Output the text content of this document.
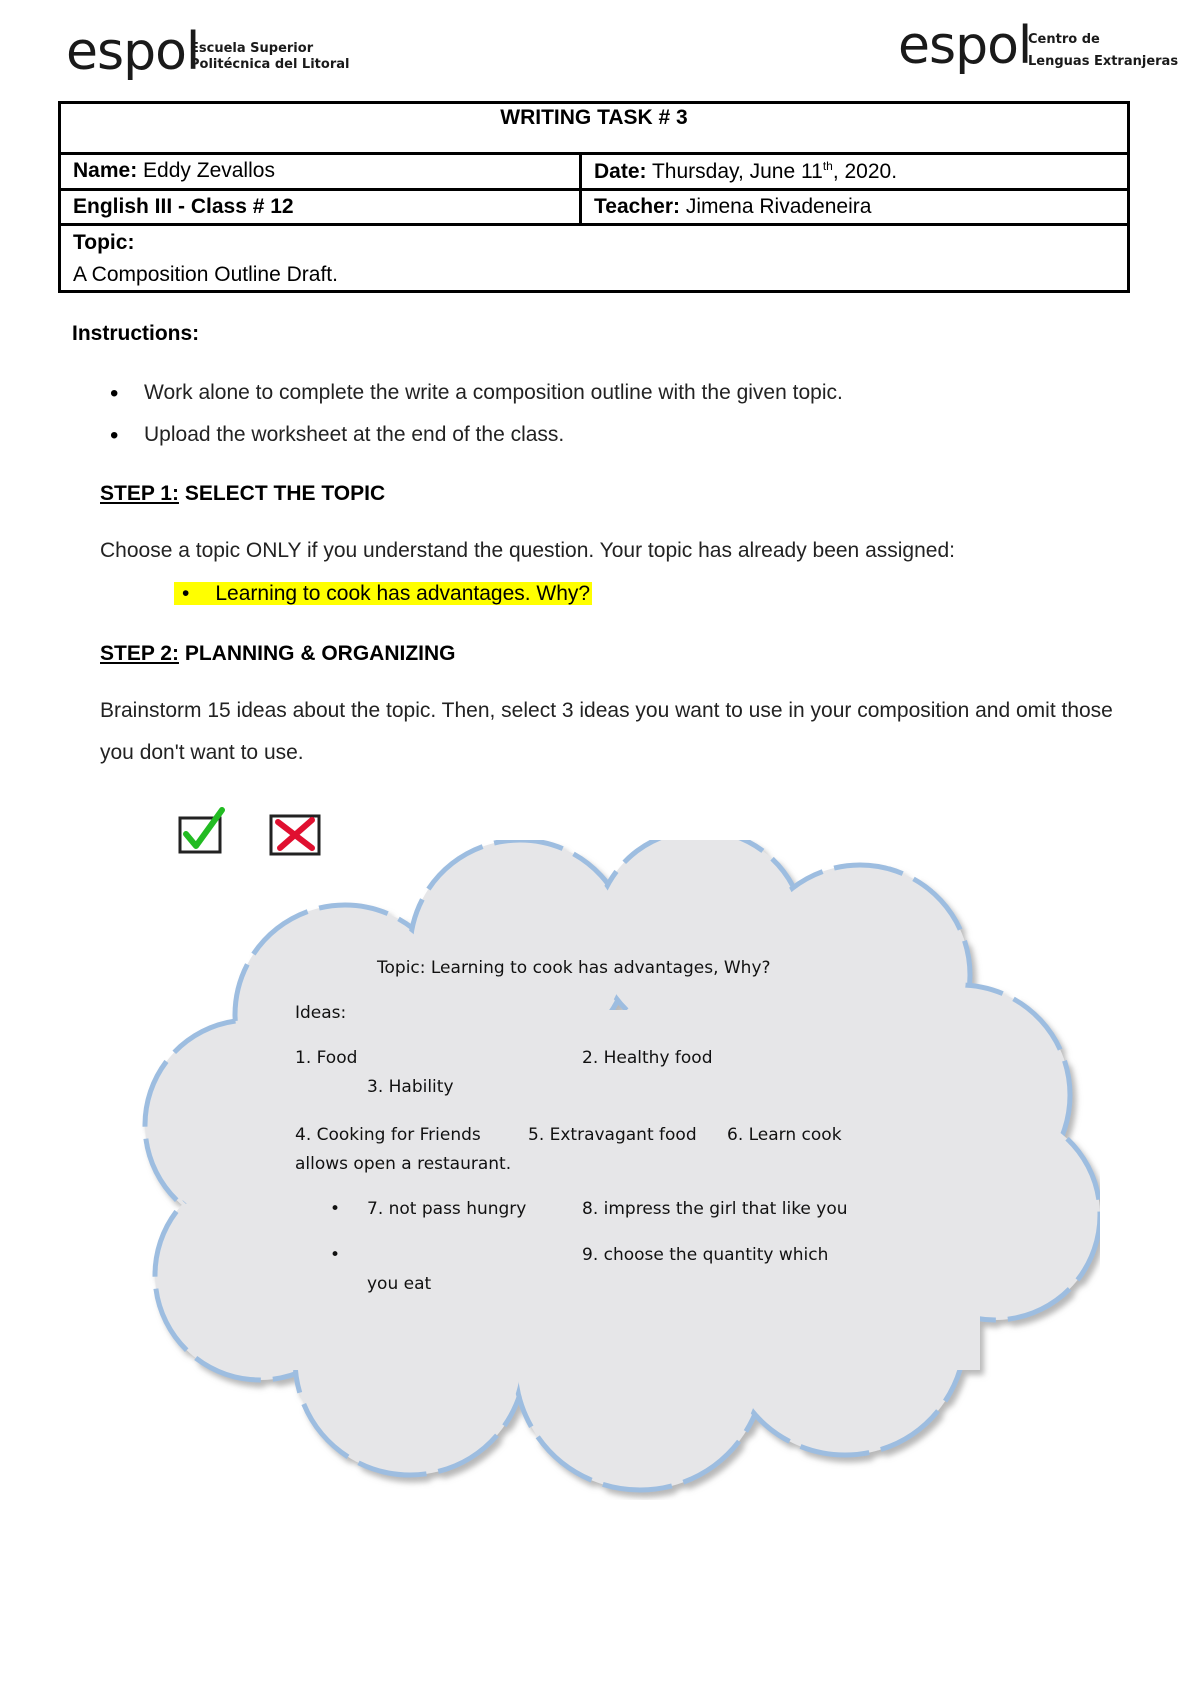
espol
Escuela Superior
Politécnica del Litoral	espol
Centro de
Lenguas Extranjeras
WRITING TASK # 3	
Name: Eddy Zevallos	Date: Thursday, June 11th, 2020.
English III - Class # 12	Teacher: Jimena Rivadeneira

Topic:
A Composition Outline Draft.	
Instructions:
• Work alone to complete the write a composition outline with the given topic.
• Upload the worksheet at the end of the class.
STEP 1: SELECT THE TOPIC
Choose a topic ONLY if you understand the question. Your topic has already been assigned:
• Learning to cook has advantages. Why?
STEP 2: PLANNING & ORGANIZING
Brainstorm 15 ideas about the topic. Then, select 3 ideas you want to use in your composition and omit those you don't want to use.
Topic: Learning to cook has advantages, Why?
Ideas:
1. Food	2. Healthy food
3. Hability
4. Cooking for Friends	5. Extravagant food 6. Learn cook
allows open a restaurant.
• 7. not pass hungry	8. impress the girl that like you
•	9. choose the quantity which
you eat
